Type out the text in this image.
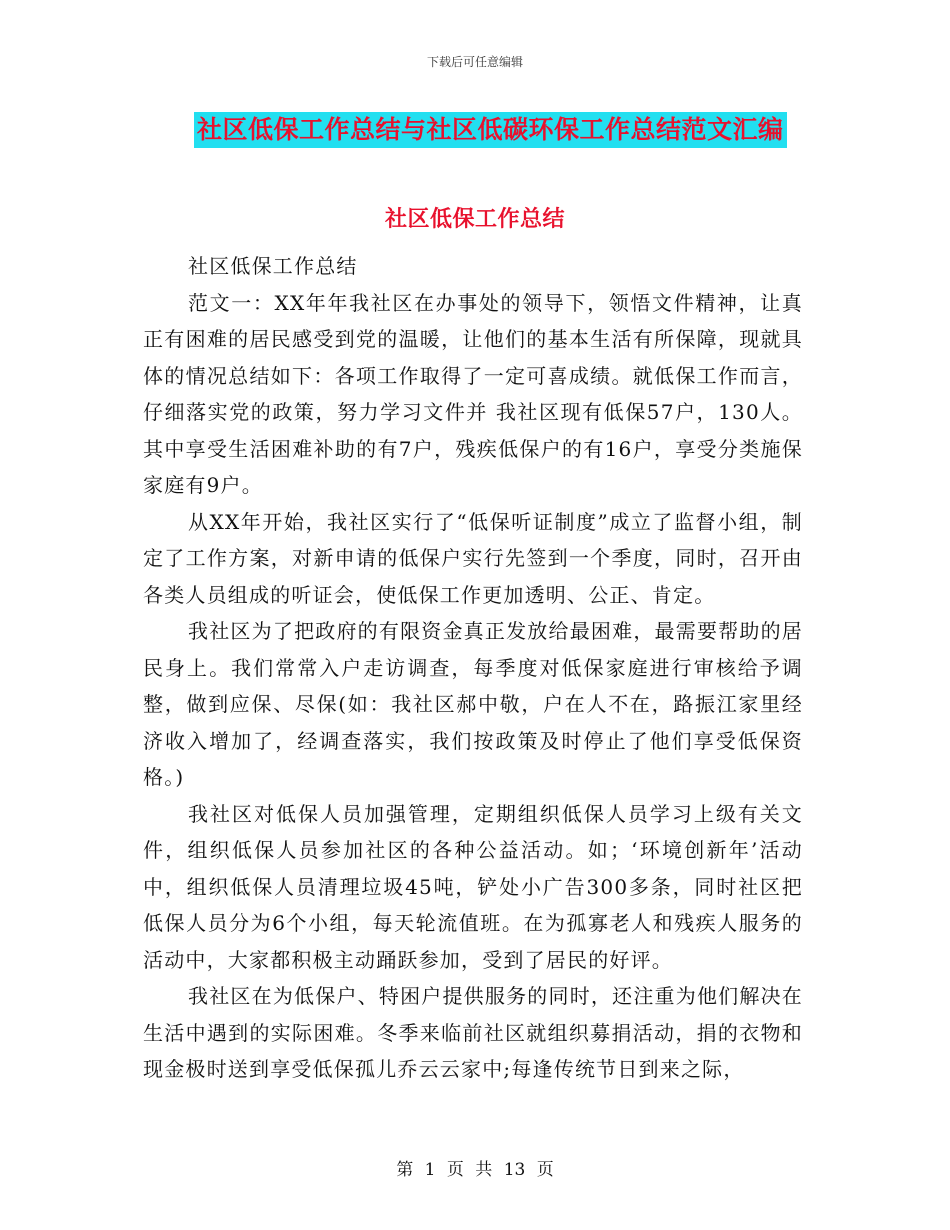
下载后可任意编辑
社区低保工作总结与社区低碳环保工作总结范文汇编
社区低保工作总结

社区低保工作总结

范文一：XX年年我社区在办事处的领导下，领悟文件精神，让真正有困难的居民感受到党的温暖，让他们的基本生活有所保障，现就具体的情况总结如下：各项工作取得了一定可喜成绩。就低保工作而言，仔细落实党的政策，努力学习文件并 我社区现有低保57户，130人。其中享受生活困难补助的有7户，残疾低保户的有16户，享受分类施保家庭有9户。

从XX年开始，我社区实行了“低保听证制度”成立了监督小组，制定了工作方案，对新申请的低保户实行先签到一个季度，同时，召开由各类人员组成的听证会，使低保工作更加透明、公正、肯定。

我社区为了把政府的有限资金真正发放给最困难，最需要帮助的居民身上。我们常常入户走访调查，每季度对低保家庭进行审核给予调整，做到应保、尽保(如：我社区郝中敬，户在人不在，路振江家里经济收入增加了，经调查落实，我们按政策及时停止了他们享受低保资格。)

我社区对低保人员加强管理，定期组织低保人员学习上级有关文件，组织低保人员参加社区的各种公益活动。如；‘环境创新年’活动中，组织低保人员清理垃圾45吨，铲处小广告300多条，同时社区把低保人员分为6个小组，每天轮流值班。在为孤寡老人和残疾人服务的活动中，大家都积极主动踊跃参加，受到了居民的好评。

我社区在为低保户、特困户提供服务的同时，还注重为他们解决在生活中遇到的实际困难。冬季来临前社区就组织募捐活动，捐的衣物和现金极时送到享受低保孤儿乔云云家中;每逢传统节日到来之际，

第 1 页 共 13 页
